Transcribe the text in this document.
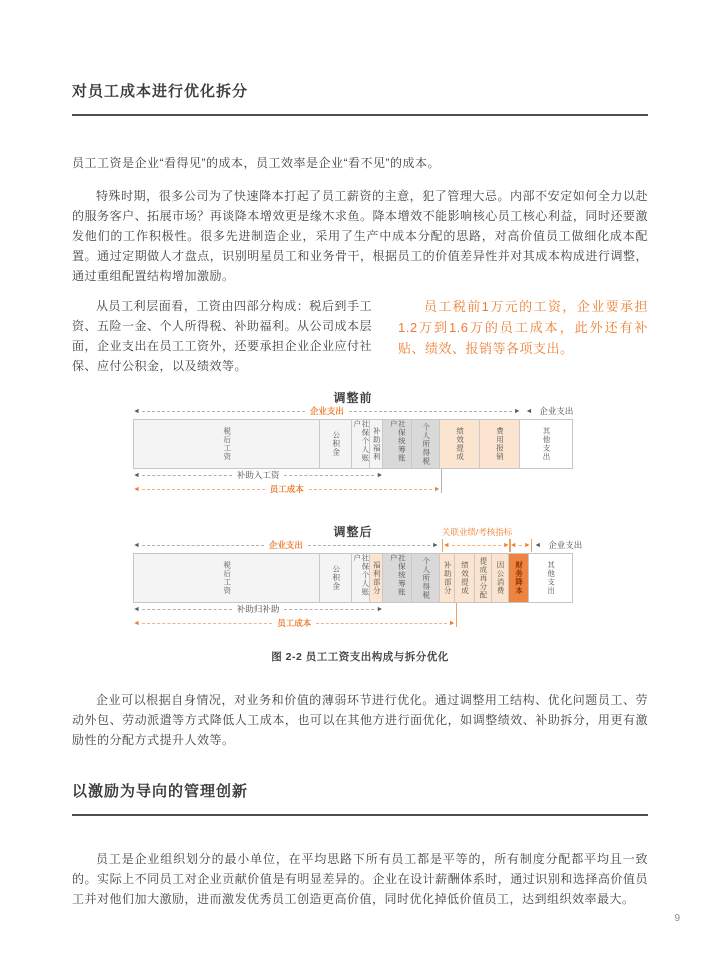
对员工成本进行优化拆分

员工工资是企业“看得见”的成本，员工效率是企业“看不见”的成本。

特殊时期，很多公司为了快速降本打起了员工薪资的主意，犯了管理大忌。内部不安定如何全力以赴的服务客户、拓展市场？再谈降本增效更是缘木求鱼。降本增效不能影响核心员工核心利益，同时还要激发他们的工作积极性。很多先进制造企业，采用了生产中成本分配的思路，对高价值员工做细化成本配置。通过定期做人才盘点，识别明星员工和业务骨干，根据员工的价值差异性并对其成本构成进行调整，通过重组配置结构增加激励。

从员工利层面看，工资由四部分构成：税后到手工资、五险一金、个人所得税、补助福利。从公司成本层面，企业支出在员工工资外，还要承担企业企业应付社保、应付公积金，以及绩效等。

员工税前1万元的工资，企业要承担1.2万到1.6万的员工成本，此外还有补贴、绩效、报销等各项支出。

调整前
◄	企业支出	► ◄ 企业支出
税后工资	公积金	社保个人账户
补助福利	社保统筹账户	个人所得税	绩效提成	费用报销	其他支出
◄	补助入工资	►
◄	员工成本	►
调整后	关联业绩/考核指标
◄	企业支出	► ◄	► ◄ ► ◄ 企业支出
税后工资	公积金	社保个人账户
福利部分	社保统筹账户	个人所得税 补助部分 绩效提成 提成再分配 因公消费 财务降本	其他支出
◄	补助归补助	►
◄	员工成本	►
图 2-2 员工工资支出构成与拆分优化

企业可以根据自身情况，对业务和价值的薄弱环节进行优化。通过调整用工结构、优化问题员工、劳动外包、劳动派遣等方式降低人工成本，也可以在其他方进行面优化，如调整绩效、补助拆分，用更有激励性的分配方式提升人效等。

以激励为导向的管理创新

员工是企业组织划分的最小单位，在平均思路下所有员工都是平等的，所有制度分配都平均且一致的。实际上不同员工对企业贡献价值是有明显差异的。企业在设计薪酬体系时，通过识别和选择高价值员工并对他们加大激励，进而激发优秀员工创造更高价值，同时优化掉低价值员工，达到组织效率最大。

9
